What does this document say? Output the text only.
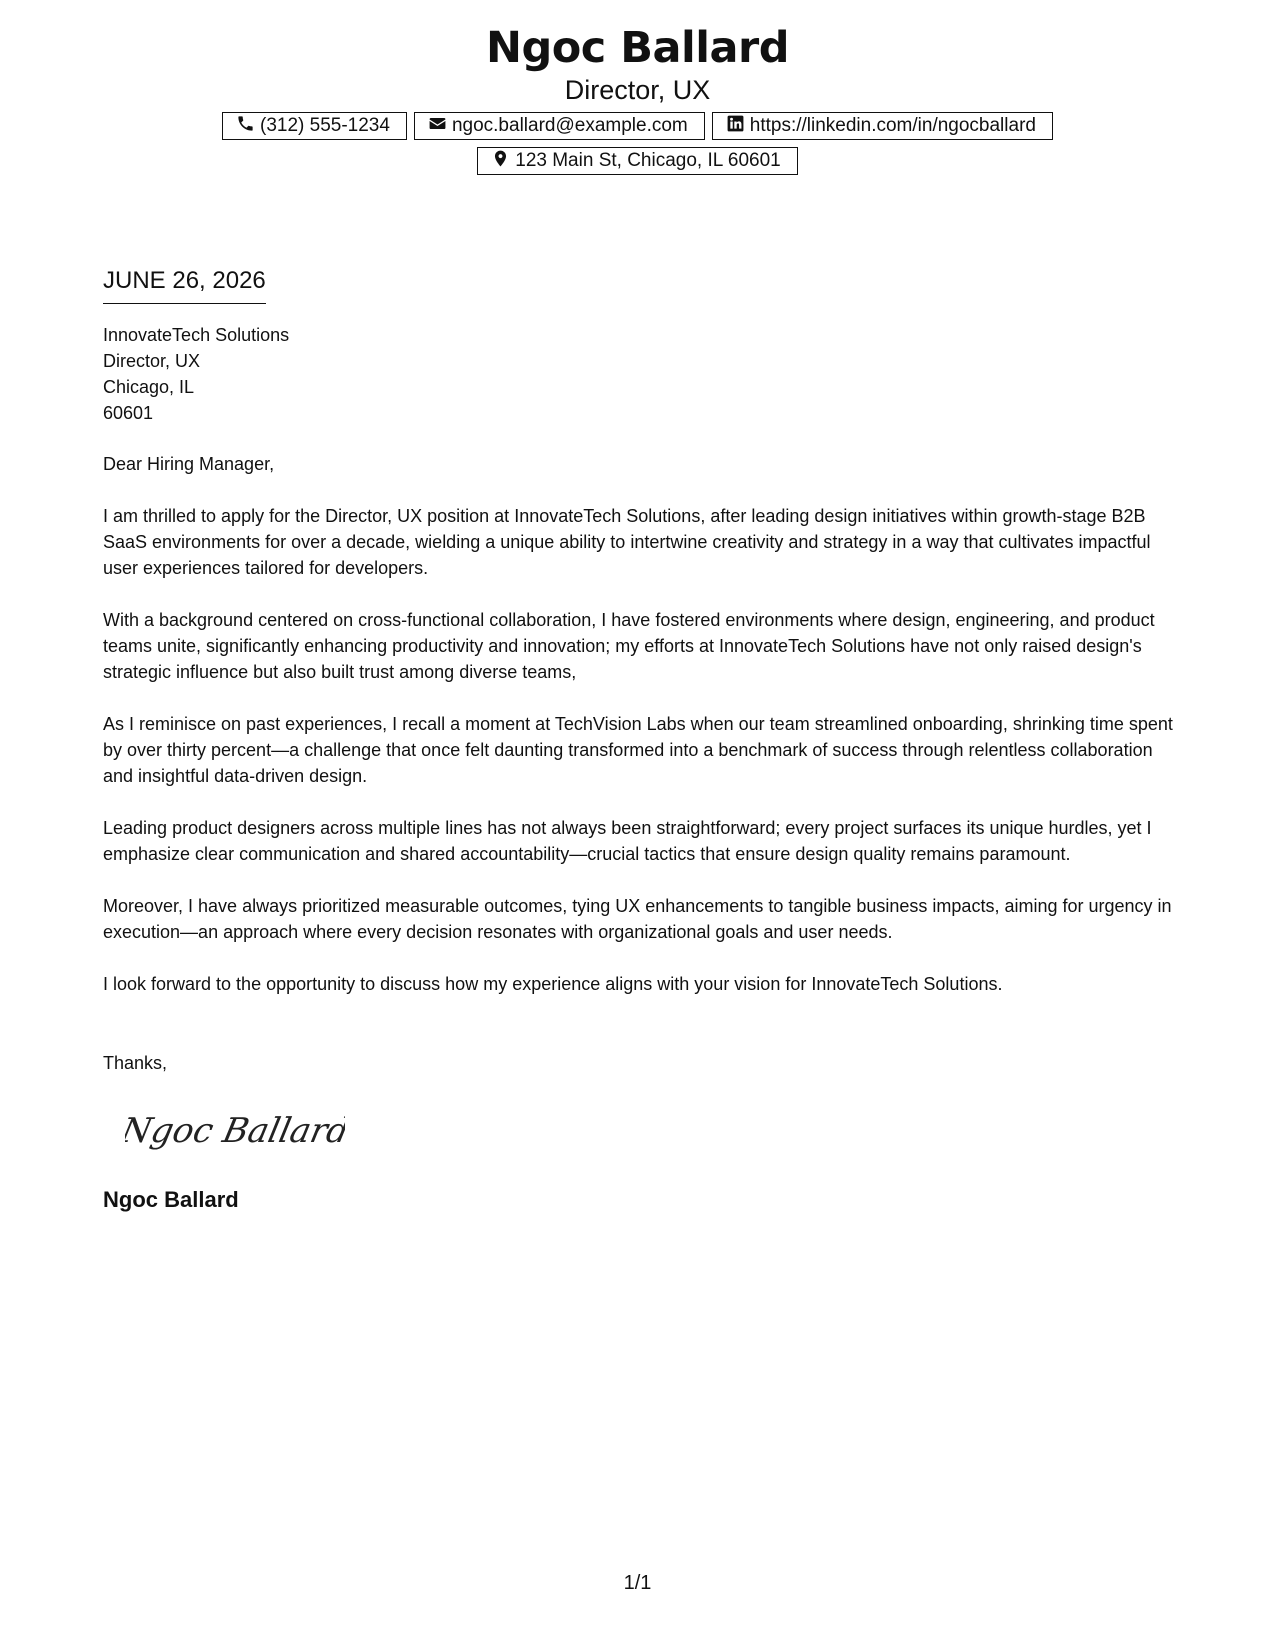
Ngoc Ballard
Director, UX
(312) 555-1234	ngoc.ballard@example.com	https://linkedin.com/in/ngocballard
123 Main St, Chicago, IL 60601
JUNE 26, 2026
InnovateTech Solutions
Director, UX
Chicago, IL
60601

Dear Hiring Manager,

I am thrilled to apply for the Director, UX position at InnovateTech Solutions, after leading design initiatives within growth-stage B2B SaaS environments for over a decade, wielding a unique ability to intertwine creativity and strategy in a way that cultivates impactful user experiences tailored for developers.

With a background centered on cross-functional collaboration, I have fostered environments where design, engineering, and product teams unite, significantly enhancing productivity and innovation; my efforts at InnovateTech Solutions have not only raised design's strategic influence but also built trust among diverse teams,

As I reminisce on past experiences, I recall a moment at TechVision Labs when our team streamlined onboarding, shrinking time spent by over thirty percent—a challenge that once felt daunting transformed into a benchmark of success through relentless collaboration and insightful data-driven design.

Leading product designers across multiple lines has not always been straightforward; every project surfaces its unique hurdles, yet I emphasize clear communication and shared accountability—crucial tactics that ensure design quality remains paramount.

Moreover, I have always prioritized measurable outcomes, tying UX enhancements to tangible business impacts, aiming for urgency in execution—an approach where every decision resonates with organizational goals and user needs.

I look forward to the opportunity to discuss how my experience aligns with your vision for InnovateTech Solutions.

Thanks,

Ngoc Ballard
Ngoc Ballard
1/1
